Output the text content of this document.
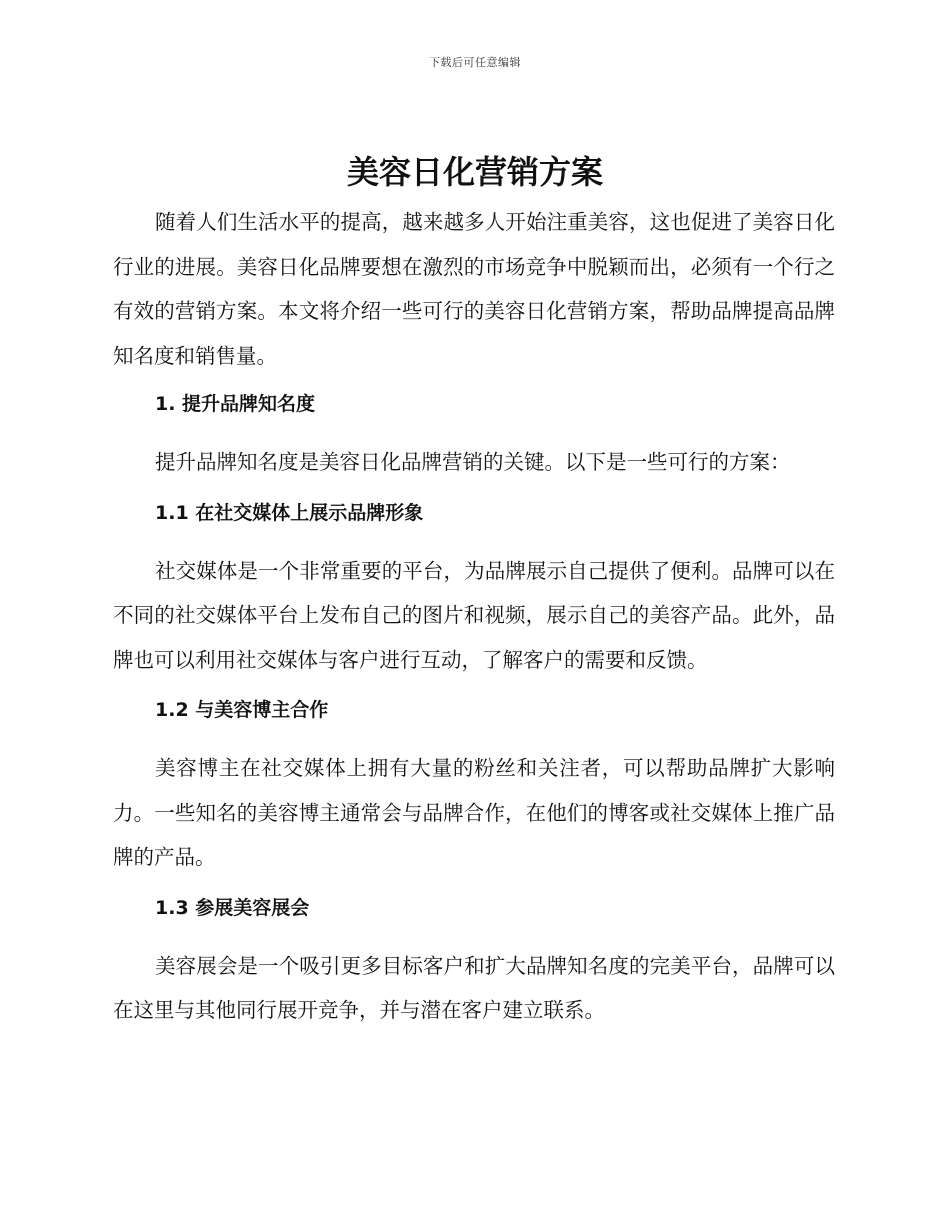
下载后可任意编辑
美容日化营销方案

随着人们生活水平的提高，越来越多人开始注重美容，这也促进了美容日化行业的进展。美容日化品牌要想在激烈的市场竞争中脱颖而出，必须有一个行之有效的营销方案。本文将介绍一些可行的美容日化营销方案，帮助品牌提高品牌知名度和销售量。

1. 提升品牌知名度

提升品牌知名度是美容日化品牌营销的关键。以下是一些可行的方案：

1.1 在社交媒体上展示品牌形象

社交媒体是一个非常重要的平台，为品牌展示自己提供了便利。品牌可以在不同的社交媒体平台上发布自己的图片和视频，展示自己的美容产品。此外，品牌也可以利用社交媒体与客户进行互动，了解客户的需要和反馈。

1.2 与美容博主合作

美容博主在社交媒体上拥有大量的粉丝和关注者，可以帮助品牌扩大影响力。一些知名的美容博主通常会与品牌合作，在他们的博客或社交媒体上推广品牌的产品。

1.3 参展美容展会

美容展会是一个吸引更多目标客户和扩大品牌知名度的完美平台，品牌可以在这里与其他同行展开竞争，并与潜在客户建立联系。
